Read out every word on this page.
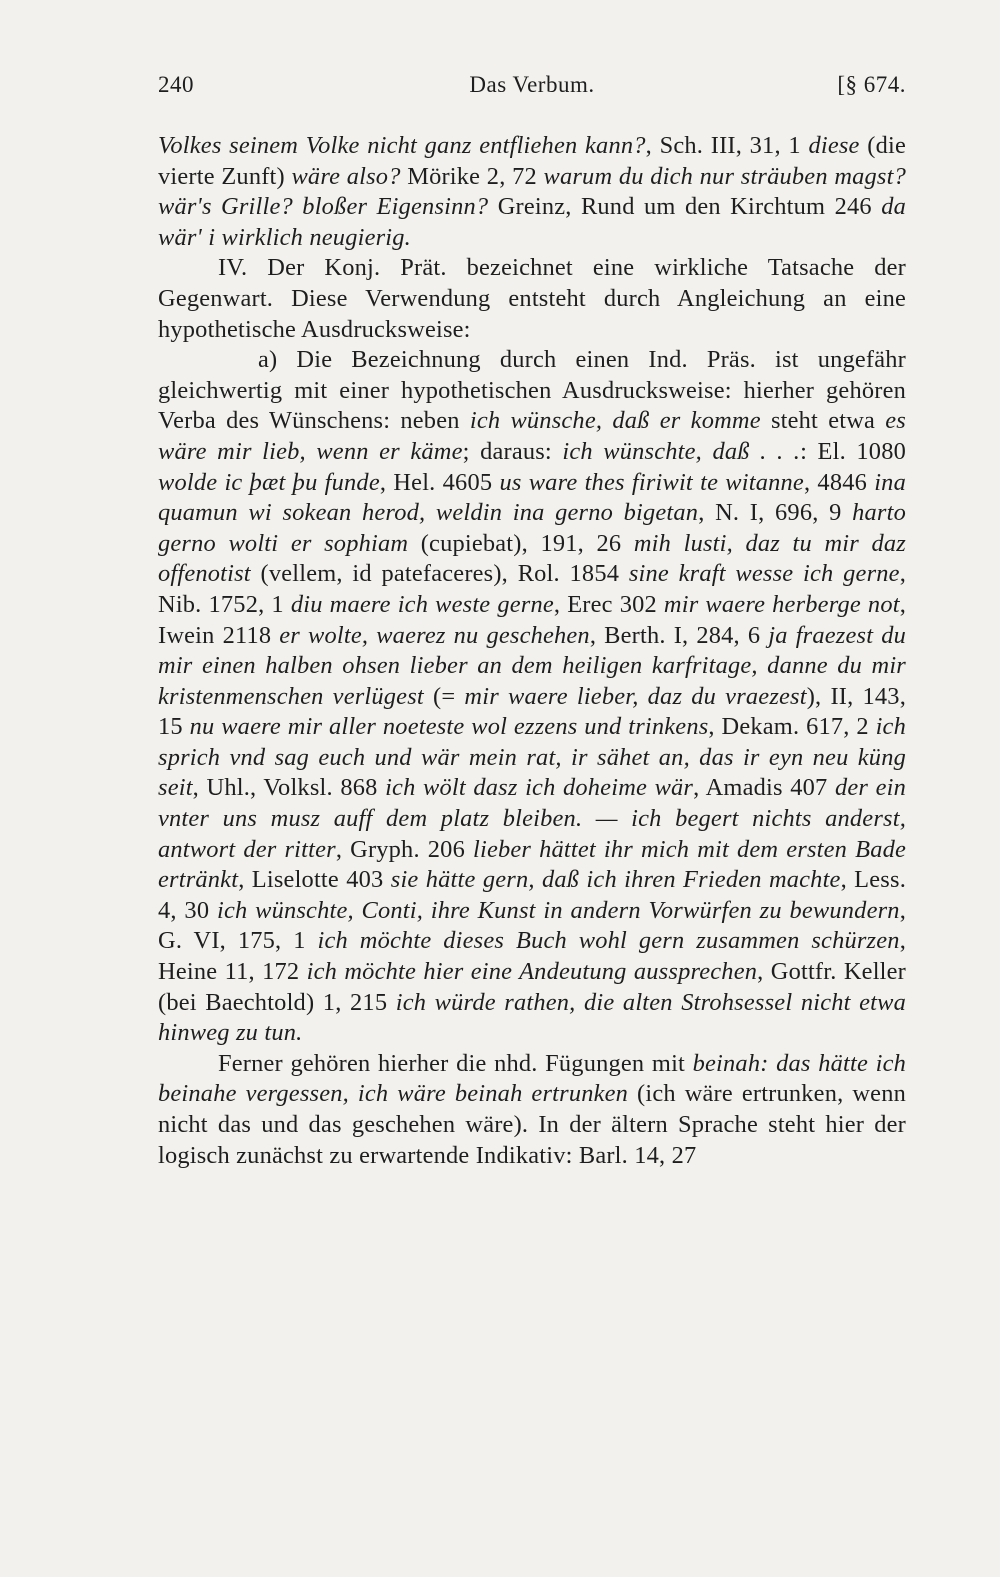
240	Das Verbum.	[§ 674.

Volkes seinem Volke nicht ganz entfliehen kann?, Sch. III, 31, 1 diese (die vierte Zunft) wäre also? Mörike 2, 72 warum du dich nur sträuben magst? wär's Grille? bloßer Eigensinn? Greinz, Rund um den Kirchtum 246 da wär' i wirklich neugierig.

IV. Der Konj. Prät. bezeichnet eine wirkliche Tatsache der Gegenwart. Diese Verwendung entsteht durch Angleichung an eine hypothetische Ausdrucksweise:

a) Die Bezeichnung durch einen Ind. Präs. ist ungefähr gleichwertig mit einer hypothetischen Ausdrucksweise: hierher gehören Verba des Wünschens: neben ich wünsche, daß er komme steht etwa es wäre mir lieb, wenn er käme; daraus: ich wünschte, daß . . .: El. 1080 wolde ic þæt þu funde, Hel. 4605 us ware thes firiwit te witanne, 4846 ina quamun wi sokean herod, weldin ina gerno bigetan, N. I, 696, 9 harto gerno wolti er sophiam (cupiebat), 191, 26 mih lusti, daz tu mir daz offenotist (vellem, id patefaceres), Rol. 1854 sine kraft wesse ich gerne, Nib. 1752, 1 diu maere ich weste gerne, Erec 302 mir waere herberge not, Iwein 2118 er wolte, waerez nu geschehen, Berth. I, 284, 6 ja fraezest du mir einen halben ohsen lieber an dem heiligen karfritage, danne du mir kristenmenschen verlügest (= mir waere lieber, daz du vraezest), II, 143, 15 nu waere mir aller noeteste wol ezzens und trinkens, Dekam. 617, 2 ich sprich vnd sag euch und wär mein rat, ir sähet an, das ir eyn neu küng seit, Uhl., Volksl. 868 ich wölt dasz ich doheime wär, Amadis 407 der ein vnter uns musz auff dem platz bleiben. — ich begert nichts anderst, antwort der ritter, Gryph. 206 lieber hättet ihr mich mit dem ersten Bade ertränkt, Liselotte 403 sie hätte gern, daß ich ihren Frieden machte, Less. 4, 30 ich wünschte, Conti, ihre Kunst in andern Vorwürfen zu bewundern, G. VI, 175, 1 ich möchte dieses Buch wohl gern zusammen schürzen, Heine 11, 172 ich möchte hier eine Andeutung aussprechen, Gottfr. Keller (bei Baechtold) 1, 215 ich würde rathen, die alten Strohsessel nicht etwa hinweg zu tun.

Ferner gehören hierher die nhd. Fügungen mit beinah: das hätte ich beinahe vergessen, ich wäre beinah ertrunken (ich wäre ertrunken, wenn nicht das und das geschehen wäre). In der ältern Sprache steht hier der logisch zunächst zu erwartende Indikativ: Barl. 14, 27
